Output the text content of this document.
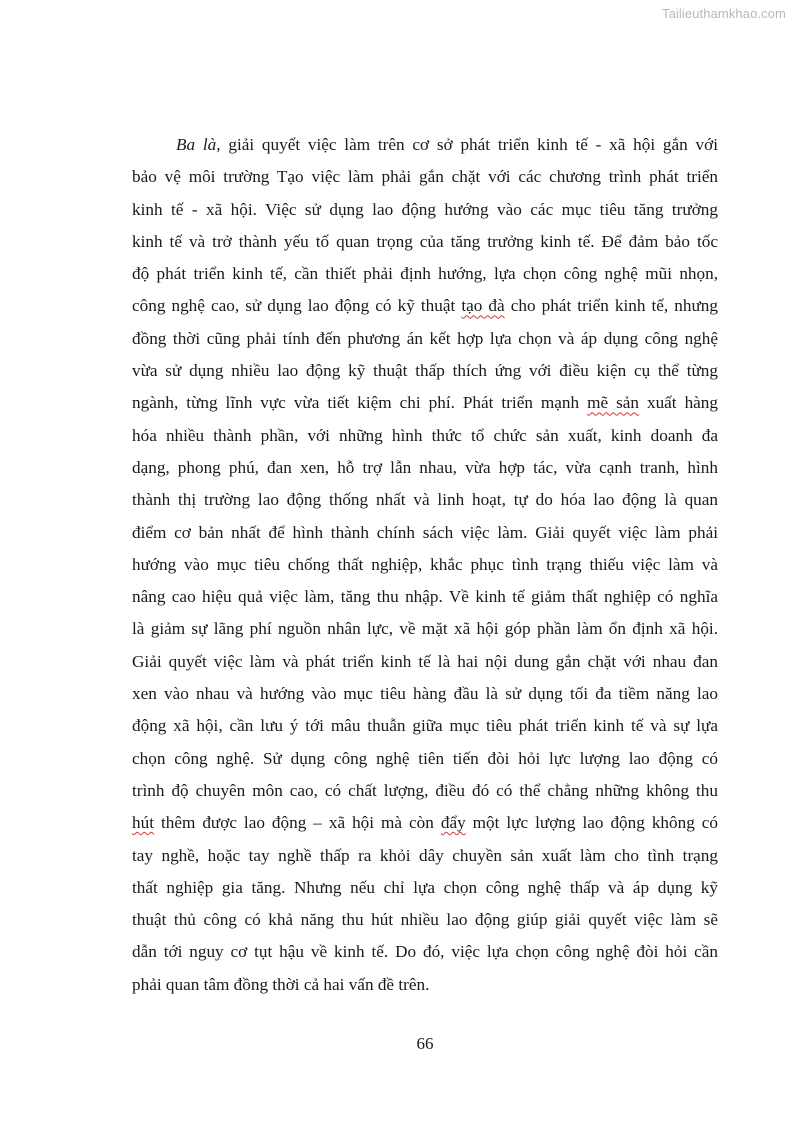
Tailieuthamkhao.com
Ba là, giải quyết việc làm trên cơ sở phát triển kinh tế - xã hội gắn với
bảo vệ môi trường Tạo việc làm phải gắn chặt với các chương trình phát triển
kinh tế - xã hội. Việc sử dụng lao động hướng vào các mục tiêu tăng trưởng
kinh tế và trở thành yếu tố quan trọng của tăng trưởng kinh tế. Để đảm bảo tốc
độ phát triển kinh tế, cần thiết phải định hướng, lựa chọn công nghệ mũi nhọn,
công nghệ cao, sử dụng lao động có kỹ thuật tạo đà cho phát triển kinh tế, nhưng
đồng thời cũng phải tính đến phương án kết hợp lựa chọn và áp dụng công nghệ
vừa sử dụng nhiều lao động kỹ thuật thấp thích ứng với điều kiện cụ thể từng
ngành, từng lĩnh vực vừa tiết kiệm chi phí. Phát triển mạnh mẽ sản xuất hàng
hóa nhiều thành phần, với những hình thức tổ chức sản xuất, kinh doanh đa
dạng, phong phú, đan xen, hỗ trợ lẫn nhau, vừa hợp tác, vừa cạnh tranh, hình
thành thị trường lao động thống nhất và linh hoạt, tự do hóa lao động là quan
điểm cơ bản nhất để hình thành chính sách việc làm. Giải quyết việc làm phải
hướng vào mục tiêu chống thất nghiệp, khắc phục tình trạng thiếu việc làm và
nâng cao hiệu quả việc làm, tăng thu nhập. Về kinh tế giảm thất nghiệp có nghĩa
là giảm sự lãng phí nguồn nhân lực, về mặt xã hội góp phần làm ổn định xã hội.
Giải quyết việc làm và phát triển kinh tế là hai nội dung gắn chặt với nhau đan
xen vào nhau và hướng vào mục tiêu hàng đầu là sử dụng tối đa tiềm năng lao
động xã hội, cần lưu ý tới mâu thuẫn giữa mục tiêu phát triển kinh tế và sự lựa
chọn công nghệ. Sử dụng công nghệ tiên tiến đòi hỏi lực lượng lao động có
trình độ chuyên môn cao, có chất lượng, điều đó có thể chẳng những không thu
hút thêm được lao động – xã hội mà còn đẩy một lực lượng lao động không có
tay nghề, hoặc tay nghề thấp ra khỏi dây chuyền sản xuất làm cho tình trạng
thất nghiệp gia tăng. Nhưng nếu chỉ lựa chọn công nghệ thấp và áp dụng kỹ
thuật thủ công có khả năng thu hút nhiều lao động giúp giải quyết việc làm sẽ
dẫn tới nguy cơ tụt hậu về kinh tế. Do đó, việc lựa chọn công nghệ đòi hỏi cần
phải quan tâm đồng thời cả hai vấn đề trên.
66
